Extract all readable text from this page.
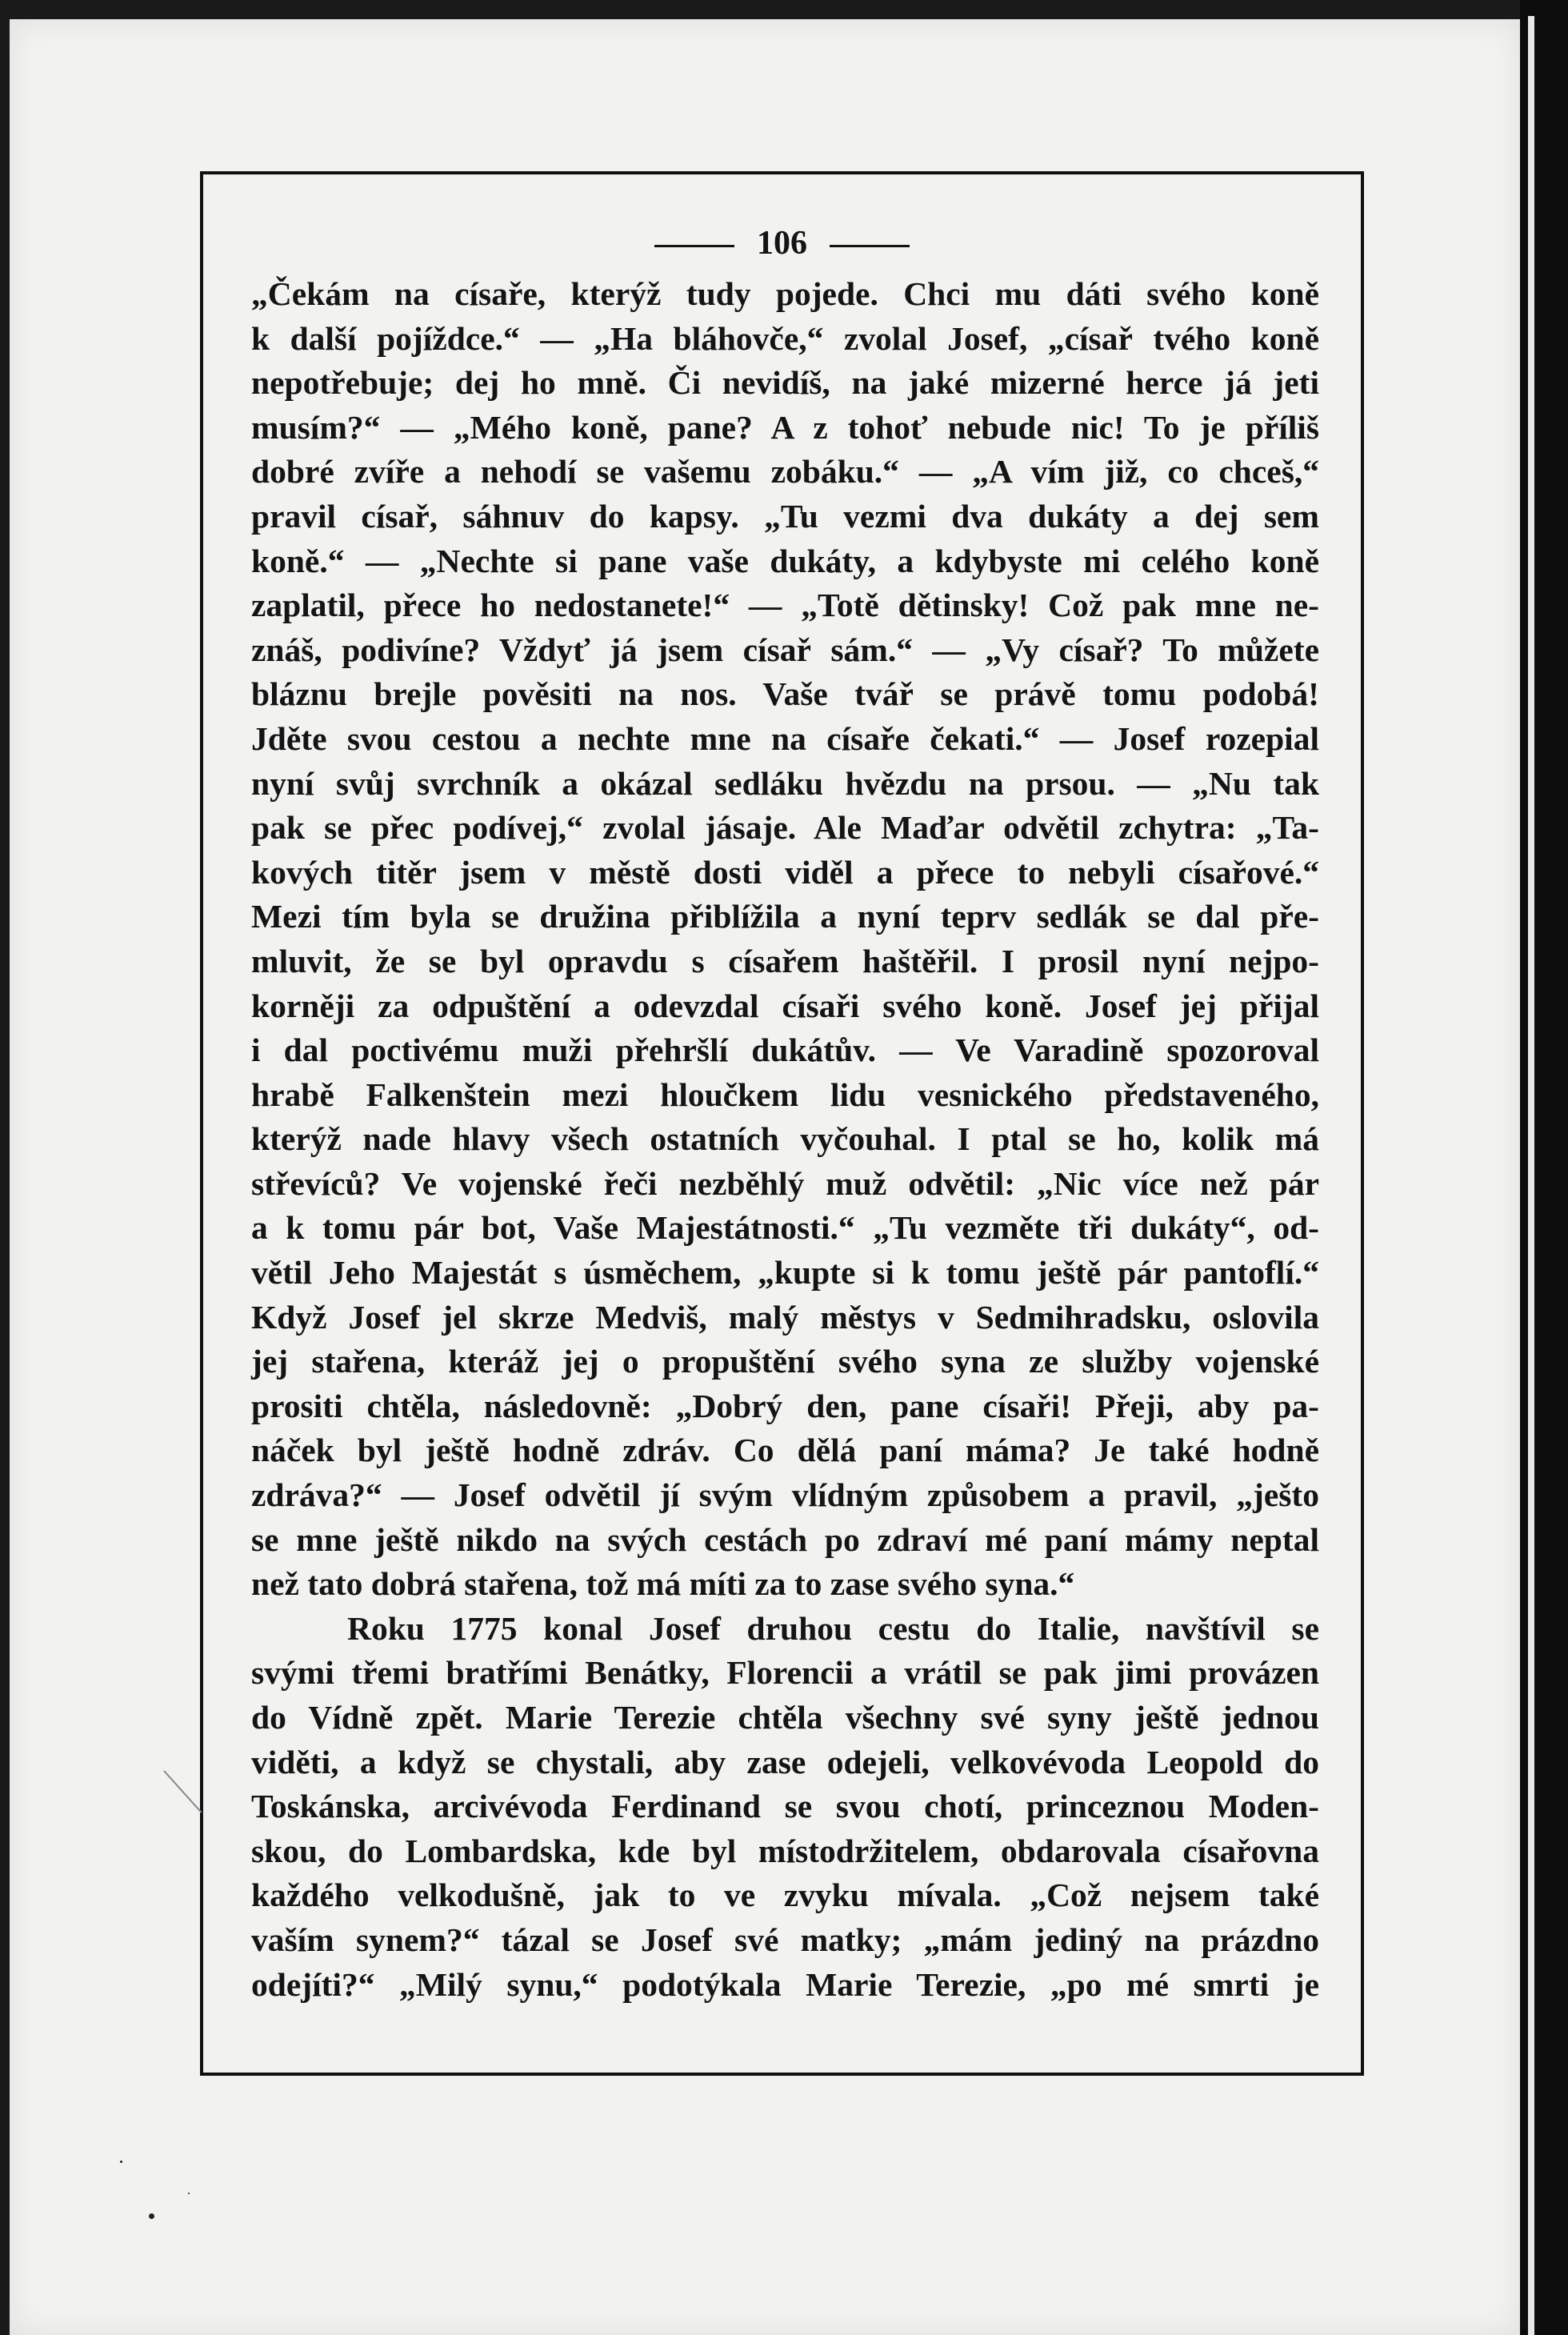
106
„Čekám na císaře, kterýž tudy pojede. Chci mu dáti svého koně
k další pojíždce.“ — „Ha bláhovče,“ zvolal Josef, „císař tvého koně
nepotřebuje; dej ho mně. Či nevidíš, na jaké mizerné herce já jeti
musím?“ — „Mého koně, pane? A z tohoť nebude nic! To je příliš
dobré zvíře a nehodí se vašemu zobáku.“ — „A vím již, co chceš,“
pravil císař, sáhnuv do kapsy. „Tu vezmi dva dukáty a dej sem
koně.“ — „Nechte si pane vaše dukáty, a kdybyste mi celého koně
zaplatil, přece ho nedostanete!“ — „Totě dětinsky! Což pak mne ne-
znáš, podivíne? Vždyť já jsem císař sám.“ — „Vy císař? To můžete
bláznu brejle pověsiti na nos. Vaše tvář se právě tomu podobá!
Jděte svou cestou a nechte mne na císaře čekati.“ — Josef rozepial
nyní svůj svrchník a okázal sedláku hvězdu na prsou. — „Nu tak
pak se přec podívej,“ zvolal jásaje. Ale Maďar odvětil zchytra: „Ta-
kových titěr jsem v městě dosti viděl a přece to nebyli císařové.“
Mezi tím byla se družina přiblížila a nyní teprv sedlák se dal pře-
mluvit, že se byl opravdu s císařem haštěřil. I prosil nyní nejpo-
korněji za odpuštění a odevzdal císaři svého koně. Josef jej přijal
i dal poctivému muži přehršlí dukátův. — Ve Varadině spozoroval
hrabě Falkenštein mezi hloučkem lidu vesnického představeného,
kterýž nade hlavy všech ostatních vyčouhal. I ptal se ho, kolik má
střevíců? Ve vojenské řeči nezběhlý muž odvětil: „Nic více než pár
a k tomu pár bot, Vaše Majestátnosti.“ „Tu vezměte tři dukáty“, od-
větil Jeho Majestát s úsměchem, „kupte si k tomu ještě pár pantoflí.“
Když Josef jel skrze Medviš, malý městys v Sedmihradsku, oslovila
jej stařena, kteráž jej o propuštění svého syna ze služby vojenské
prositi chtěla, následovně: „Dobrý den, pane císaři! Přeji, aby pa-
náček byl ještě hodně zdráv. Co dělá paní máma? Je také hodně
zdráva?“ — Josef odvětil jí svým vlídným způsobem a pravil, „ješto
se mne ještě nikdo na svých cestách po zdraví mé paní mámy neptal
než tato dobrá stařena, tož má míti za to zase svého syna.“
Roku 1775 konal Josef druhou cestu do Italie, navštívil se
svými třemi bratřími Benátky, Florencii a vrátil se pak jimi provázen
do Vídně zpět. Marie Terezie chtěla všechny své syny ještě jednou
viděti, a když se chystali, aby zase odejeli, velkovévoda Leopold do
Toskánska, arcivévoda Ferdinand se svou chotí, princeznou Moden-
skou, do Lombardska, kde byl místodržitelem, obdarovala císařovna
každého velkodušně, jak to ve zvyku mívala. „Což nejsem také
vaším synem?“ tázal se Josef své matky; „mám jediný na prázdno
odejíti?“ „Milý synu,“ podotýkala Marie Terezie, „po mé smrti je
